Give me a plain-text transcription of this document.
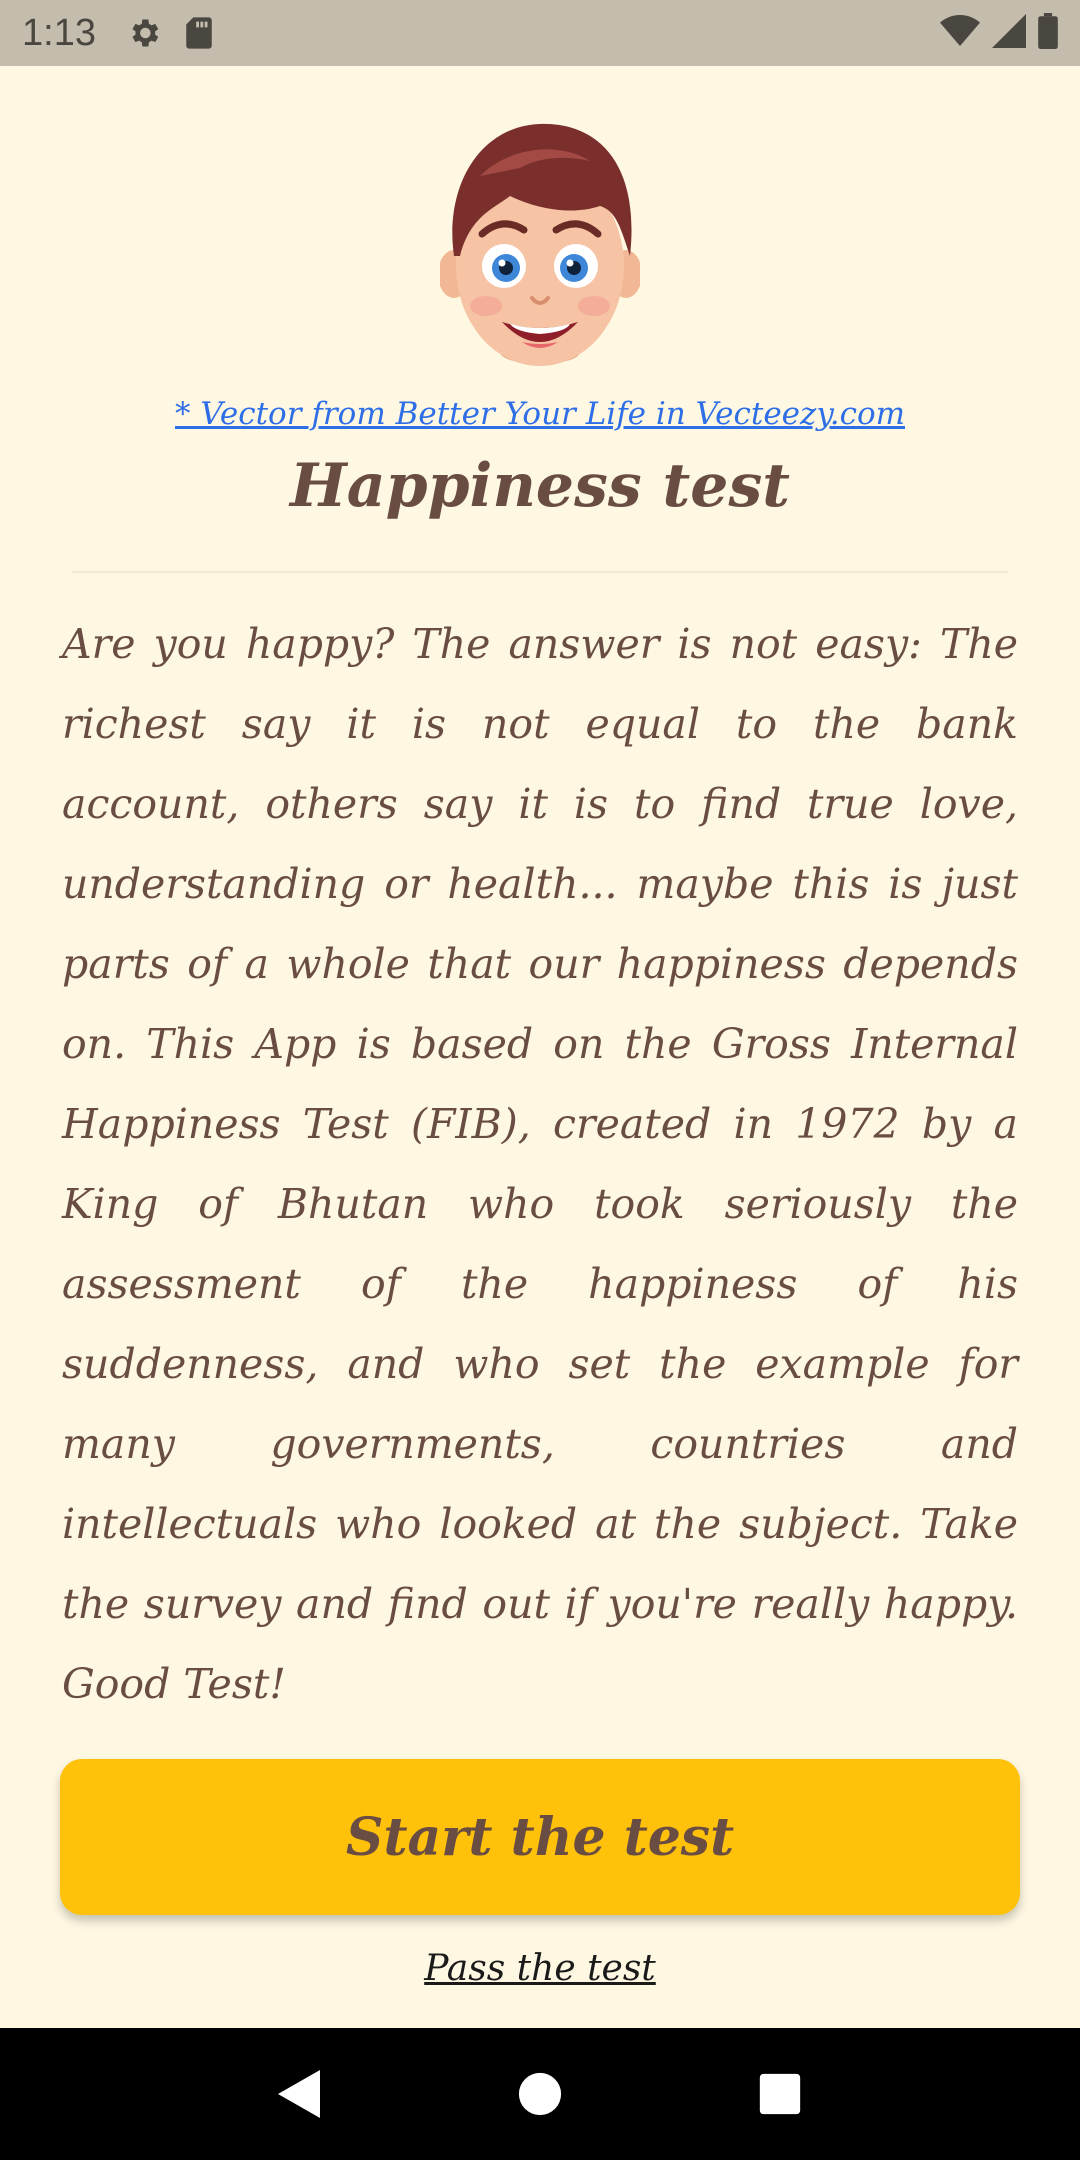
1:13
* Vector from Better Your Life in Vecteezy.com
Happiness test

Are you happy? The answer is not easy: The richest say it is not equal to the bank account, others say it is to find true love, understanding or health... maybe this is just parts of a whole that our happiness depends on. This App is based on the Gross Internal Happiness Test (FIB), created in 1972 by a King of Bhutan who took seriously the assessment of the happiness of his suddenness, and who set the example for many governments, countries and intellectuals who looked at the subject. Take the survey and find out if you're really happy. Good Test!

Start the test
Pass the test
